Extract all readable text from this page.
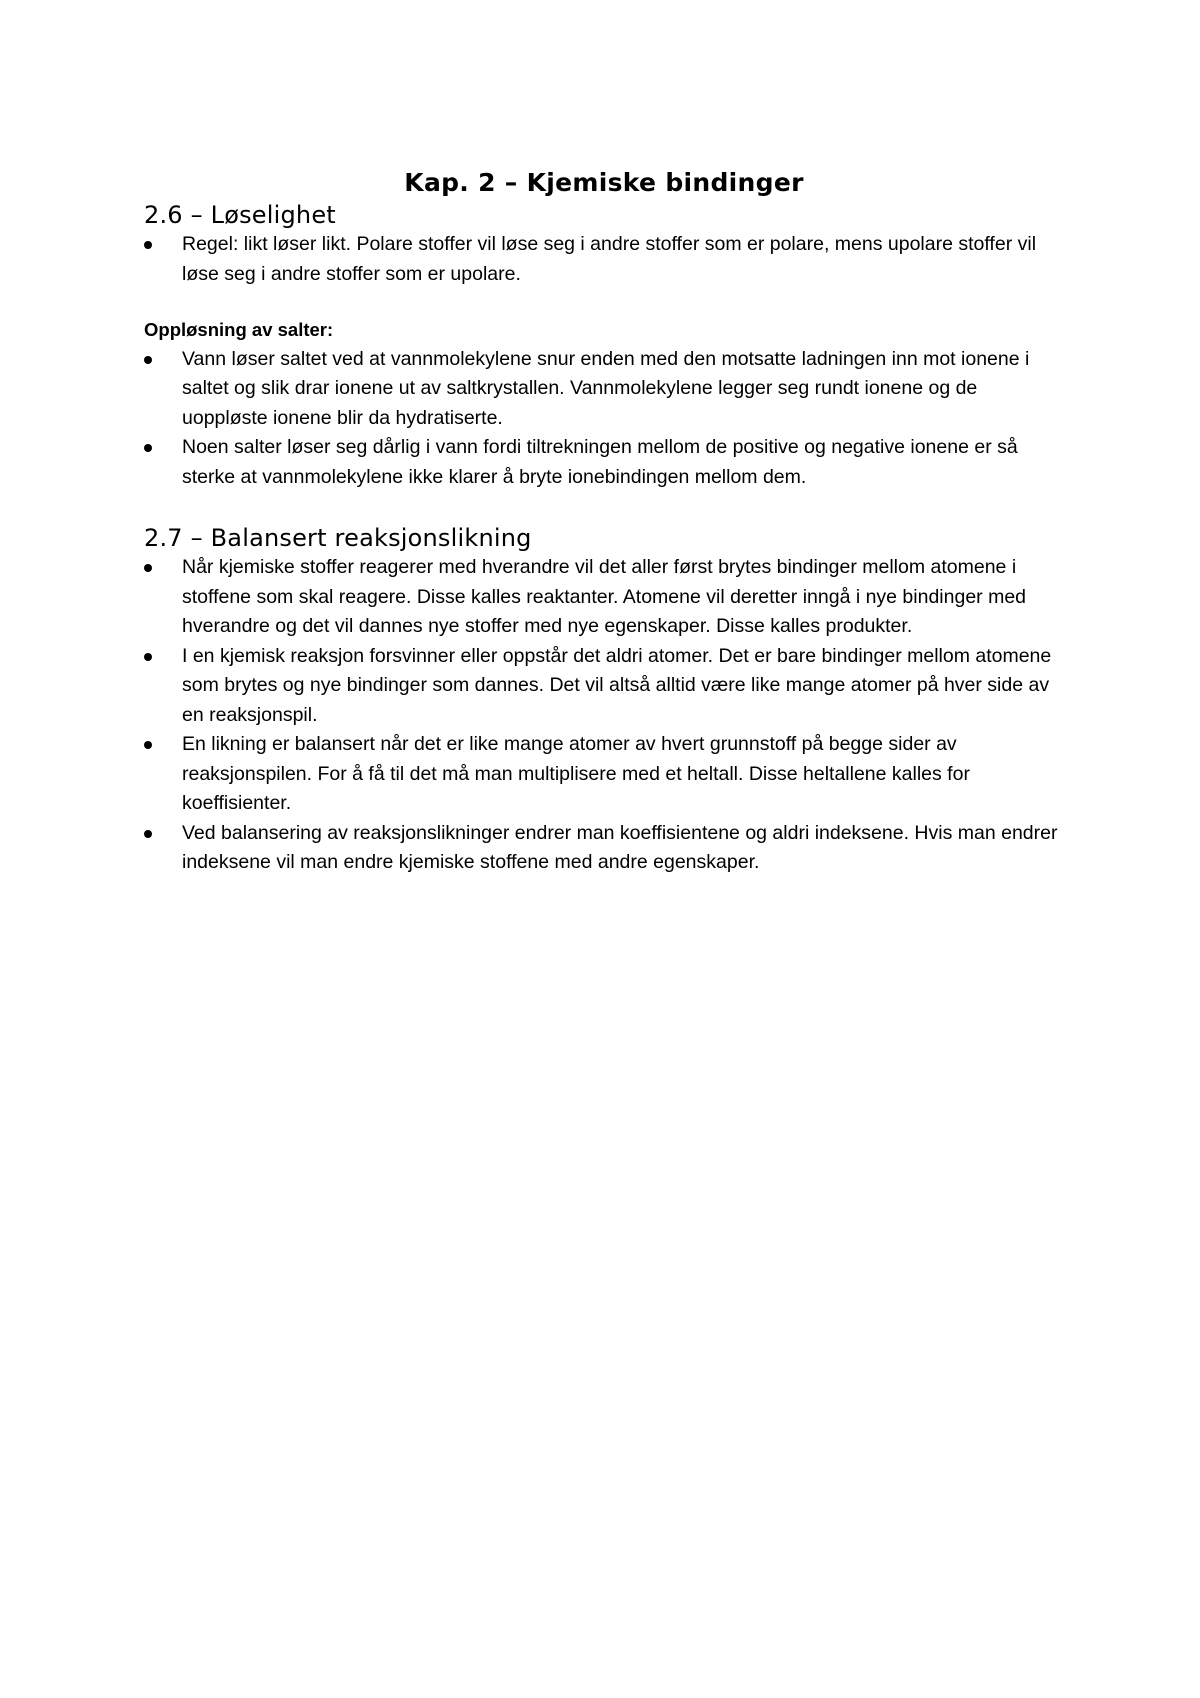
Kap. 2 – Kjemiske bindinger
2.6 – Løselighet
Regel: likt løser likt. Polare stoffer vil løse seg i andre stoffer som er polare, mens upolare stoffer vil løse seg i andre stoffer som er upolare.

Oppløsning av salter:

Vann løser saltet ved at vannmolekylene snur enden med den motsatte ladningen inn mot ionene i saltet og slik drar ionene ut av saltkrystallen. Vannmolekylene legger seg rundt ionene og de uoppløste ionene blir da hydratiserte.
Noen salter løser seg dårlig i vann fordi tiltrekningen mellom de positive og negative ionene er så sterke at vannmolekylene ikke klarer å bryte ionebindingen mellom dem.
2.7 – Balansert reaksjonslikning
Når kjemiske stoffer reagerer med hverandre vil det aller først brytes bindinger mellom atomene i stoffene som skal reagere. Disse kalles reaktanter. Atomene vil deretter inngå i nye bindinger med hverandre og det vil dannes nye stoffer med nye egenskaper. Disse kalles produkter.
I en kjemisk reaksjon forsvinner eller oppstår det aldri atomer. Det er bare bindinger mellom atomene som brytes og nye bindinger som dannes. Det vil altså alltid være like mange atomer på hver side av en reaksjonspil.
En likning er balansert når det er like mange atomer av hvert grunnstoff på begge sider av reaksjonspilen. For å få til det må man multiplisere med et heltall. Disse heltallene kalles for koeffisienter.
Ved balansering av reaksjonslikninger endrer man koeffisientene og aldri indeksene. Hvis man endrer indeksene vil man endre kjemiske stoffene med andre egenskaper.
